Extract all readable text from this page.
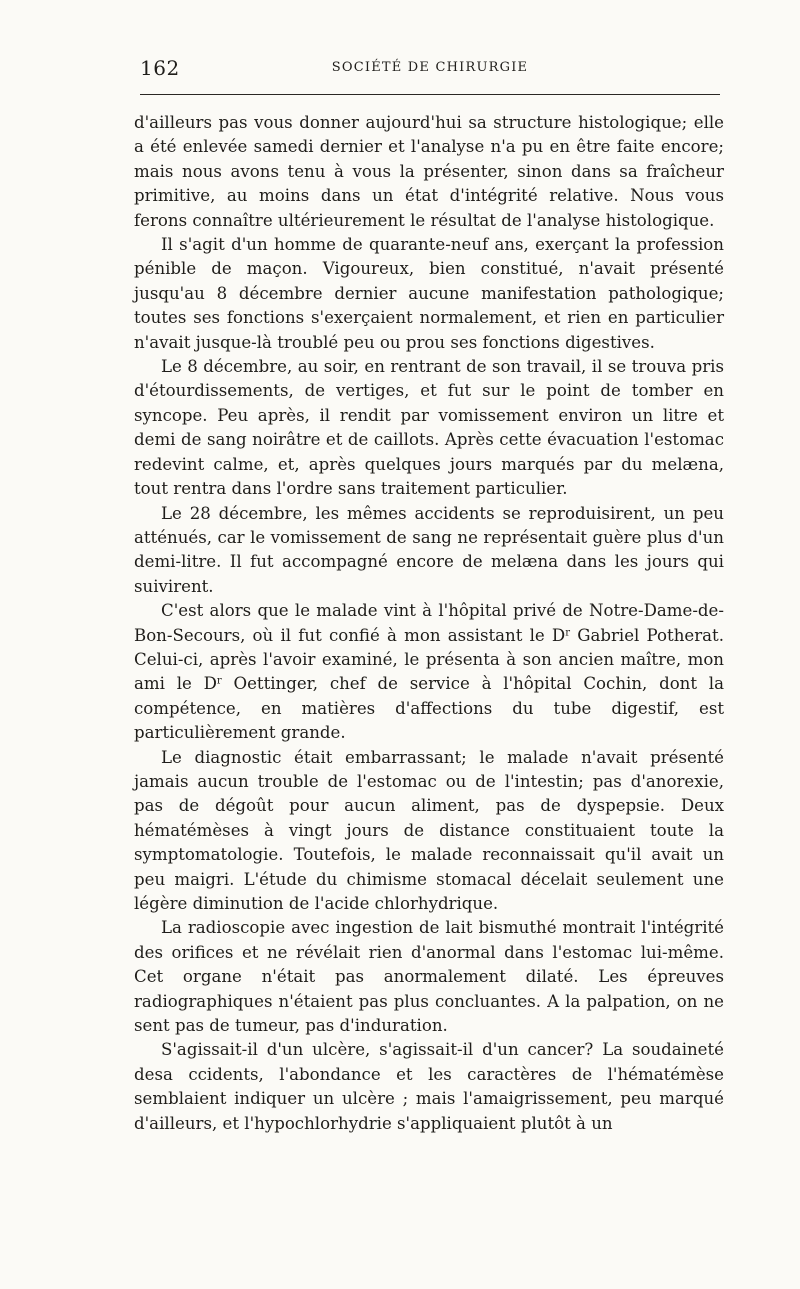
162	SOCIÉTÉ DE CHIRURGIE

d'ailleurs pas vous donner aujourd'hui sa structure histologique; elle a été enlevée samedi dernier et l'analyse n'a pu en être faite encore; mais nous avons tenu à vous la présenter, sinon dans sa fraîcheur primitive, au moins dans un état d'intégrité relative. Nous vous ferons connaître ultérieurement le résultat de l'analyse histologique.

Il s'agit d'un homme de quarante-neuf ans, exerçant la profession pénible de maçon. Vigoureux, bien constitué, n'avait présenté jusqu'au 8 décembre dernier aucune manifestation pathologique; toutes ses fonctions s'exerçaient normalement, et rien en particulier n'avait jusque-là troublé peu ou prou ses fonctions digestives.

Le 8 décembre, au soir, en rentrant de son travail, il se trouva pris d'étourdissements, de vertiges, et fut sur le point de tomber en syncope. Peu après, il rendit par vomissement environ un litre et demi de sang noirâtre et de caillots. Après cette évacuation l'estomac redevint calme, et, après quelques jours marqués par du melæna, tout rentra dans l'ordre sans traitement particulier.

Le 28 décembre, les mêmes accidents se reproduisirent, un peu atténués, car le vomissement de sang ne représentait guère plus d'un demi-litre. Il fut accompagné encore de melæna dans les jours qui suivirent.

C'est alors que le malade vint à l'hôpital privé de Notre-Dame-de-Bon-Secours, où il fut confié à mon assistant le $D^r$ Gabriel Potherat. Celui-ci, après l'avoir examiné, le présenta à son ancien maître, mon ami le $D^r$ Oettinger, chef de service à l'hôpital Cochin, dont la compétence, en matières d'affections du tube digestif, est particulièrement grande.

Le diagnostic était embarrassant; le malade n'avait présenté jamais aucun trouble de l'estomac ou de l'intestin; pas d'anorexie, pas de dégoût pour aucun aliment, pas de dyspepsie. Deux hématémèses à vingt jours de distance constituaient toute la symptomatologie. Toutefois, le malade reconnaissait qu'il avait un peu maigri. L'étude du chimisme stomacal décelait seulement une légère diminution de l'acide chlorhydrique.

La radioscopie avec ingestion de lait bismuthé montrait l'intégrité des orifices et ne révélait rien d'anormal dans l'estomac lui-même. Cet organe n'était pas anormalement dilaté. Les épreuves radiographiques n'étaient pas plus concluantes. A la palpation, on ne sent pas de tumeur, pas d'induration.

S'agissait-il d'un ulcère, s'agissait-il d'un cancer? La soudaineté desa ccidents, l'abondance et les caractères de l'hématémèse semblaient indiquer un ulcère ; mais l'amaigrissement, peu marqué d'ailleurs, et l'hypochlorhydrie s'appliquaient plutôt à un
